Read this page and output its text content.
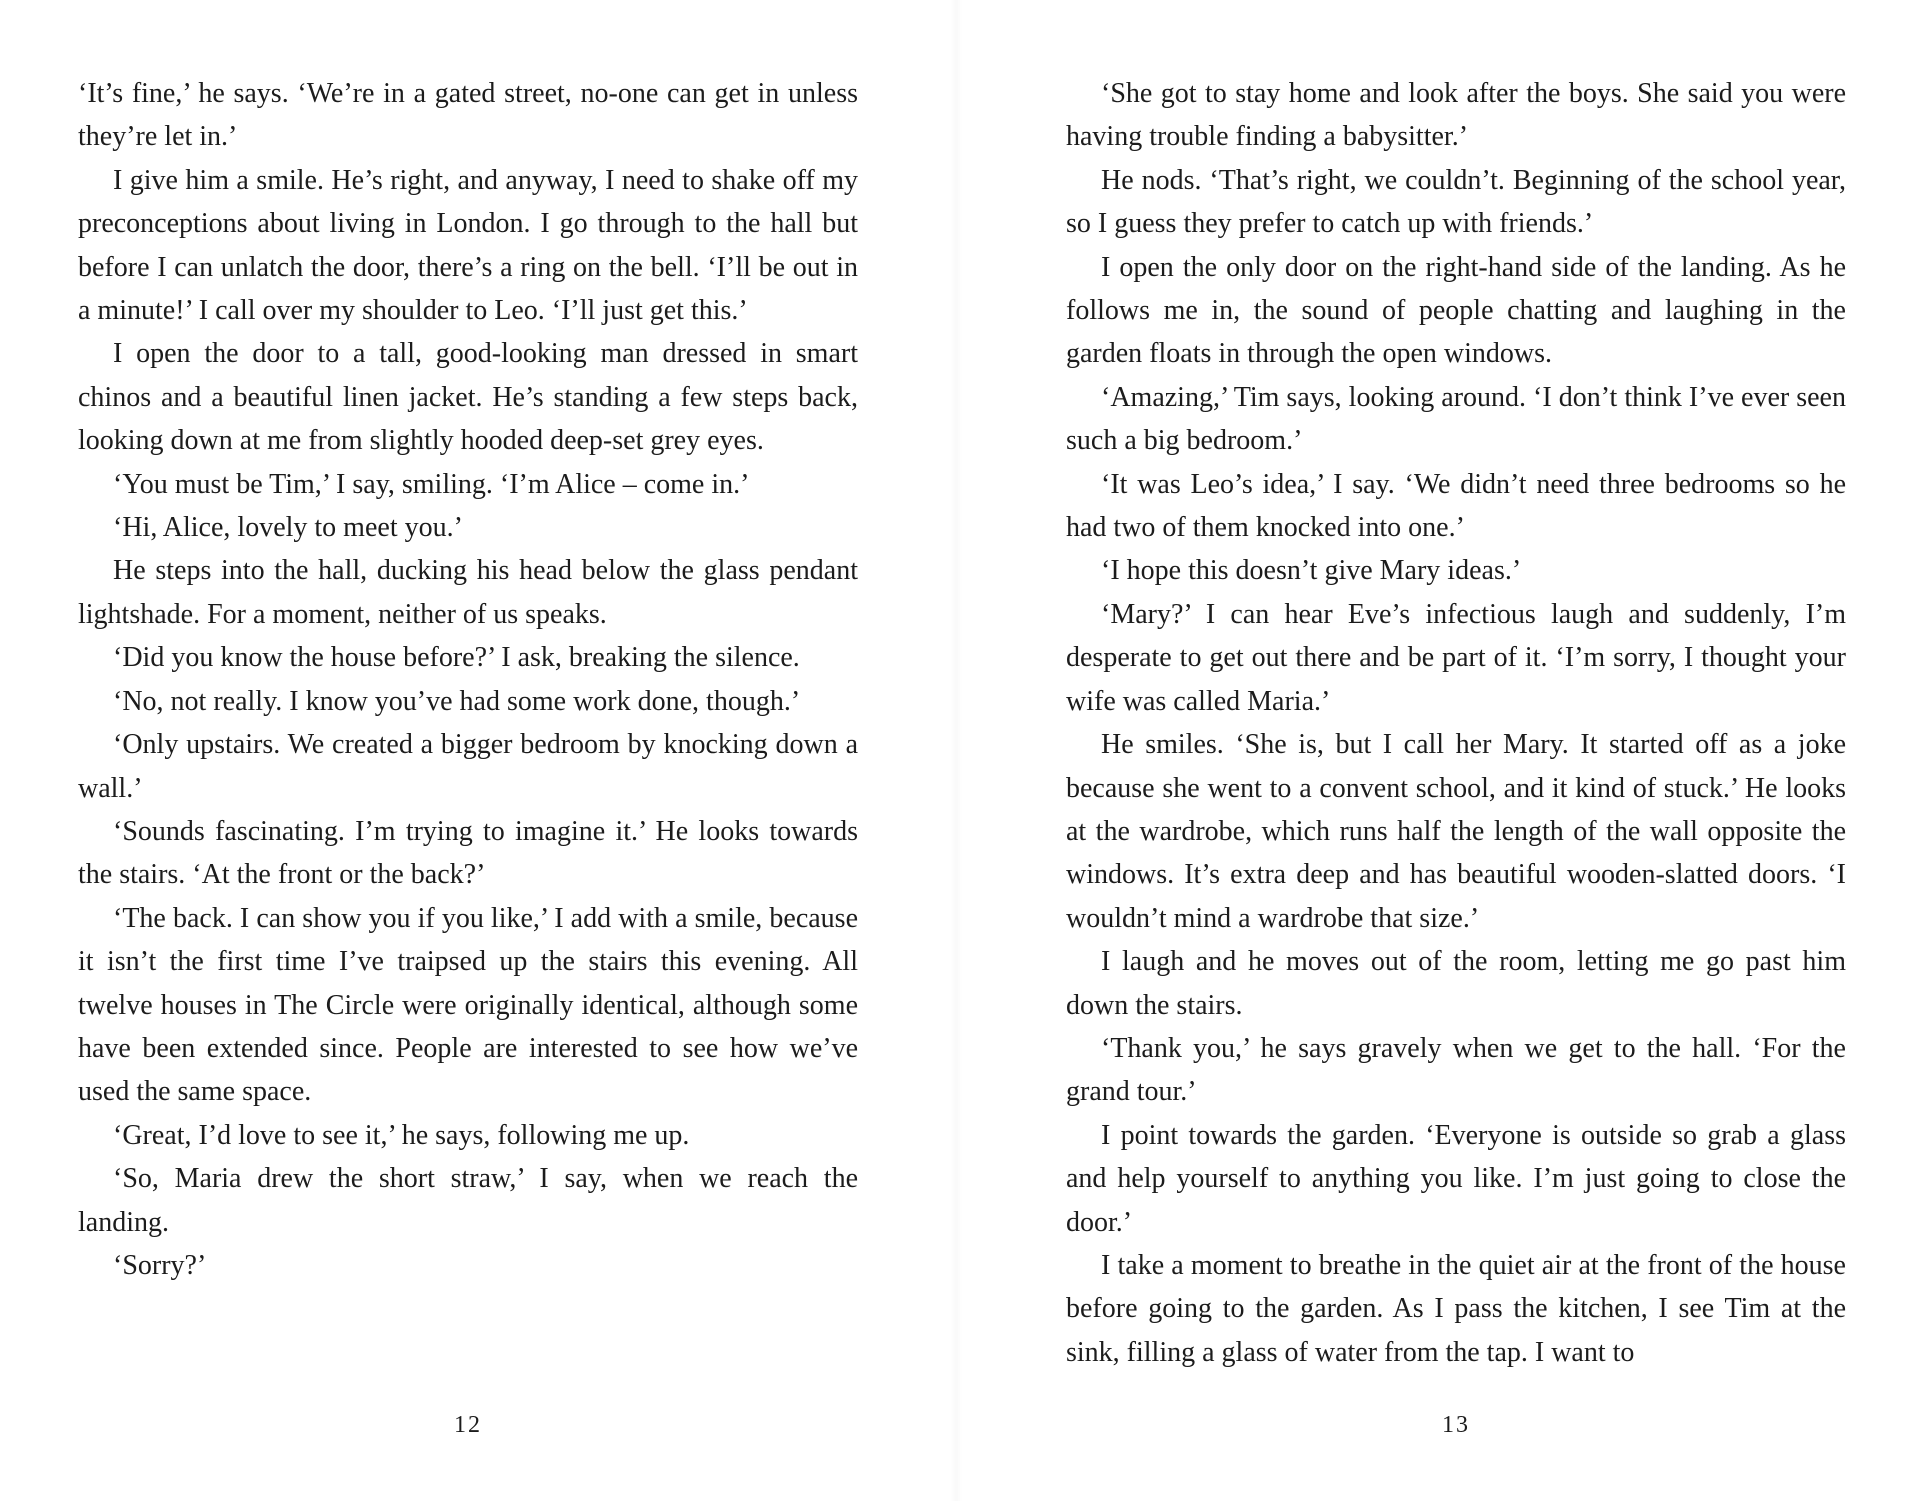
‘It’s fine,’ he says. ‘We’re in a gated street, no-one can get in unless they’re let in.’

I give him a smile. He’s right, and anyway, I need to shake off my preconceptions about living in London. I go through to the hall but before I can unlatch the door, there’s a ring on the bell. ‘I’ll be out in a minute!’ I call over my shoulder to Leo. ‘I’ll just get this.’

I open the door to a tall, good-looking man dressed in smart chinos and a beautiful linen jacket. He’s standing a few steps back, looking down at me from slightly hooded deep-set grey eyes.

‘You must be Tim,’ I say, smiling. ‘I’m Alice – come in.’

‘Hi, Alice, lovely to meet you.’

He steps into the hall, ducking his head below the glass pendant lightshade. For a moment, neither of us speaks.

‘Did you know the house before?’ I ask, breaking the silence.

‘No, not really. I know you’ve had some work done, though.’

‘Only upstairs. We created a bigger bedroom by knocking down a wall.’

‘Sounds fascinating. I’m trying to imagine it.’ He looks towards the stairs. ‘At the front or the back?’

‘The back. I can show you if you like,’ I add with a smile, because it isn’t the first time I’ve traipsed up the stairs this evening. All twelve houses in The Circle were originally identical, although some have been extended since. People are interested to see how we’ve used the same space.

‘Great, I’d love to see it,’ he says, following me up.

‘So, Maria drew the short straw,’ I say, when we reach the landing.

‘Sorry?’

12

‘She got to stay home and look after the boys. She said you were having trouble finding a babysitter.’

He nods. ‘That’s right, we couldn’t. Beginning of the school year, so I guess they prefer to catch up with friends.’

I open the only door on the right-hand side of the landing. As he follows me in, the sound of people chatting and laughing in the garden floats in through the open windows.

‘Amazing,’ Tim says, looking around. ‘I don’t think I’ve ever seen such a big bedroom.’

‘It was Leo’s idea,’ I say. ‘We didn’t need three bedrooms so he had two of them knocked into one.’

‘I hope this doesn’t give Mary ideas.’

‘Mary?’ I can hear Eve’s infectious laugh and suddenly, I’m desperate to get out there and be part of it. ‘I’m sorry, I thought your wife was called Maria.’

He smiles. ‘She is, but I call her Mary. It started off as a joke because she went to a convent school, and it kind of stuck.’ He looks at the wardrobe, which runs half the length of the wall opposite the windows. It’s extra deep and has beautiful wooden-slatted doors. ‘I wouldn’t mind a wardrobe that size.’

I laugh and he moves out of the room, letting me go past him down the stairs.

‘Thank you,’ he says gravely when we get to the hall. ‘For the grand tour.’

I point towards the garden. ‘Everyone is outside so grab a glass and help yourself to anything you like. I’m just going to close the door.’

I take a moment to breathe in the quiet air at the front of the house before going to the garden. As I pass the kitchen, I see Tim at the sink, filling a glass of water from the tap. I want to

13
